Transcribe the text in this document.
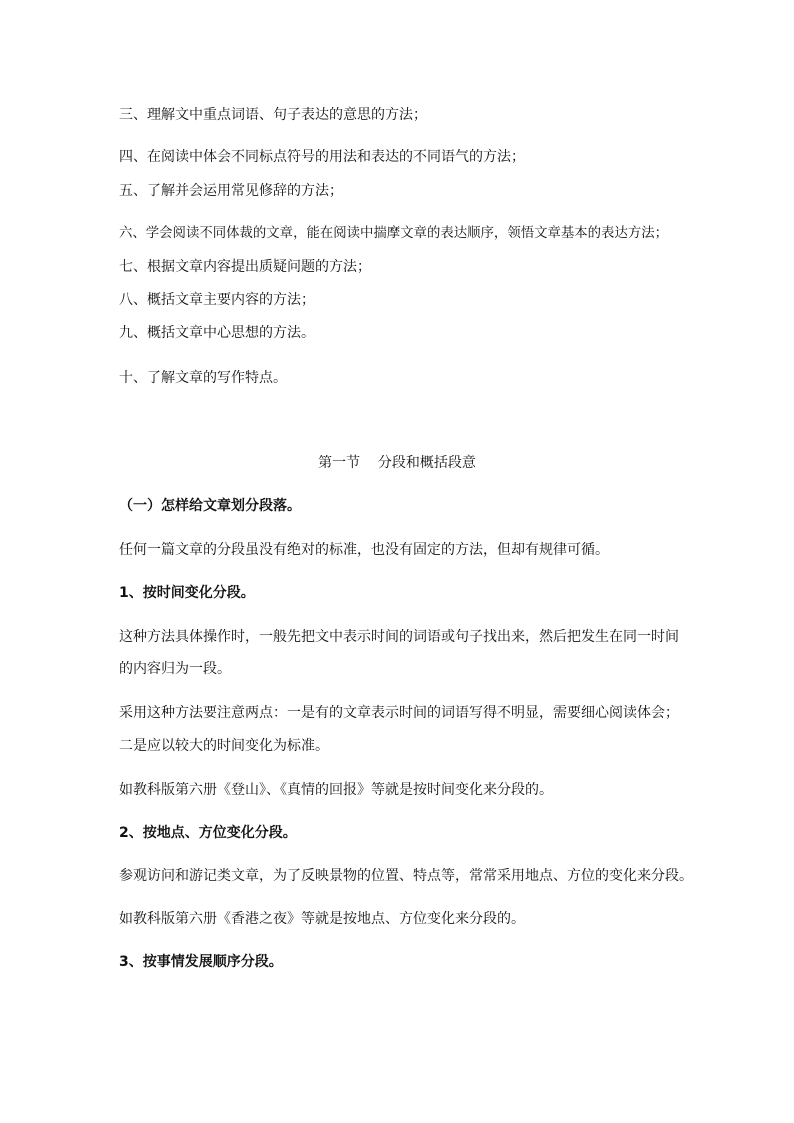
三、理解文中重点词语、句子表达的意思的方法；
四、在阅读中体会不同标点符号的用法和表达的不同语气的方法；
五、了解并会运用常见修辞的方法；
六、学会阅读不同体裁的文章，能在阅读中揣摩文章的表达顺序，领悟文章基本的表达方法；
七、根据文章内容提出质疑问题的方法；
八、概括文章主要内容的方法；
九、概括文章中心思想的方法。
十、了解文章的写作特点。
第一节    分段和概括段意
（一）怎样给文章划分段落。
任何一篇文章的分段虽没有绝对的标准，也没有固定的方法，但却有规律可循。
1、按时间变化分段。
这种方法具体操作时，一般先把文中表示时间的词语或句子找出来，然后把发生在同一时间
的内容归为一段。
采用这种方法要注意两点：一是有的文章表示时间的词语写得不明显，需要细心阅读体会；
二是应以较大的时间变化为标准。
如教科版第六册《登山》、《真情的回报》等就是按时间变化来分段的。
2、按地点、方位变化分段。
参观访问和游记类文章，为了反映景物的位置、特点等，常常采用地点、方位的变化来分段。
如教科版第六册《香港之夜》等就是按地点、方位变化来分段的。
3、按事情发展顺序分段。
